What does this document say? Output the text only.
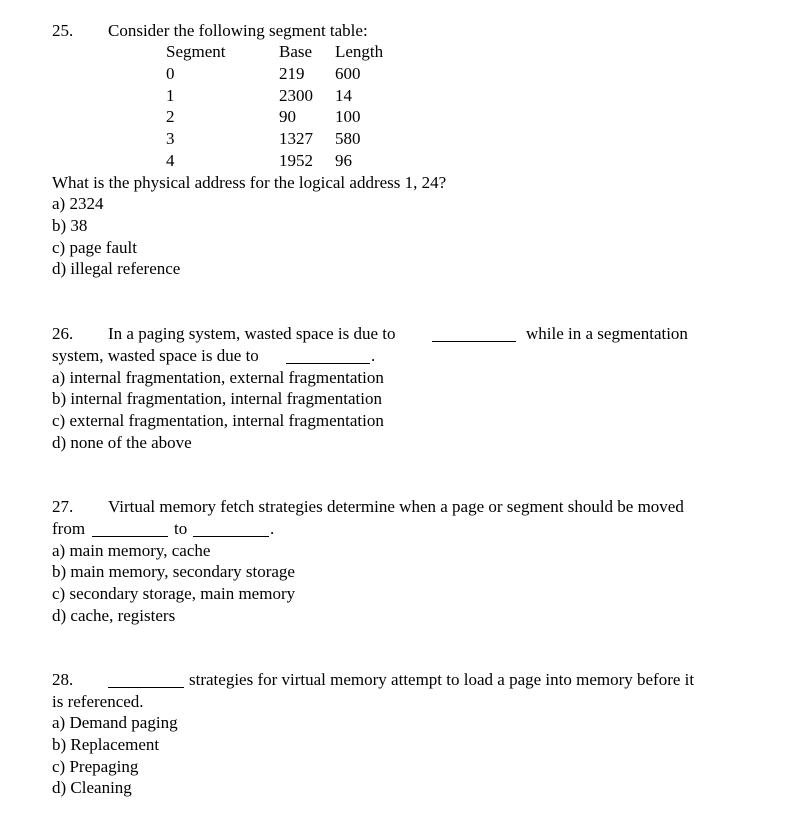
25. Consider the following segment table:
Segment	Base Length
0	219 600
1	2300 14
2	90 100
3	1327 580
4	1952 96
What is the physical address for the logical address 1, 24?
a) 2324
b) 38
c) page fault
d) illegal reference
26. In a paging system, wasted space is due to	while in a segmentation
system, wasted space is due to	.
a) internal fragmentation, external fragmentation
b) internal fragmentation, internal fragmentation
c) external fragmentation, internal fragmentation
d) none of the above
27. Virtual memory fetch strategies determine when a page or segment should be moved
from	to	.
a) main memory, cache
b) main memory, secondary storage
c) secondary storage, main memory
d) cache, registers
28.	strategies for virtual memory attempt to load a page into memory before it
is referenced.
a) Demand paging
b) Replacement
c) Prepaging
d) Cleaning
